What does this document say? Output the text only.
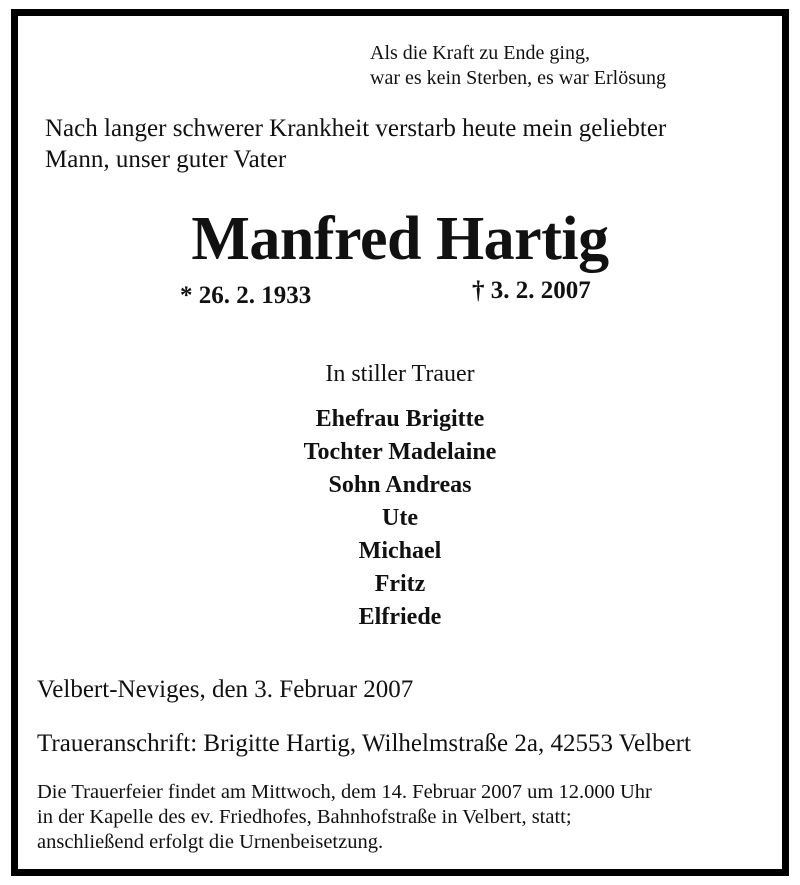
Als die Kraft zu Ende ging,
war es kein Sterben, es war Erlösung
Nach langer schwerer Krankheit verstarb heute mein geliebter
Mann, unser guter Vater
Manfred Hartig
* 26. 2. 1933	† 3. 2. 2007
In stiller Trauer
Ehefrau Brigitte
Tochter Madelaine
Sohn Andreas
Ute
Michael
Fritz
Elfriede
Velbert-Neviges, den 3. Februar 2007
Traueranschrift: Brigitte Hartig, Wilhelmstraße 2a, 42553 Velbert
Die Trauerfeier findet am Mittwoch, dem 14. Februar 2007 um 12.000 Uhr
in der Kapelle des ev. Friedhofes, Bahnhofstraße in Velbert, statt;
anschließend erfolgt die Urnenbeisetzung.
